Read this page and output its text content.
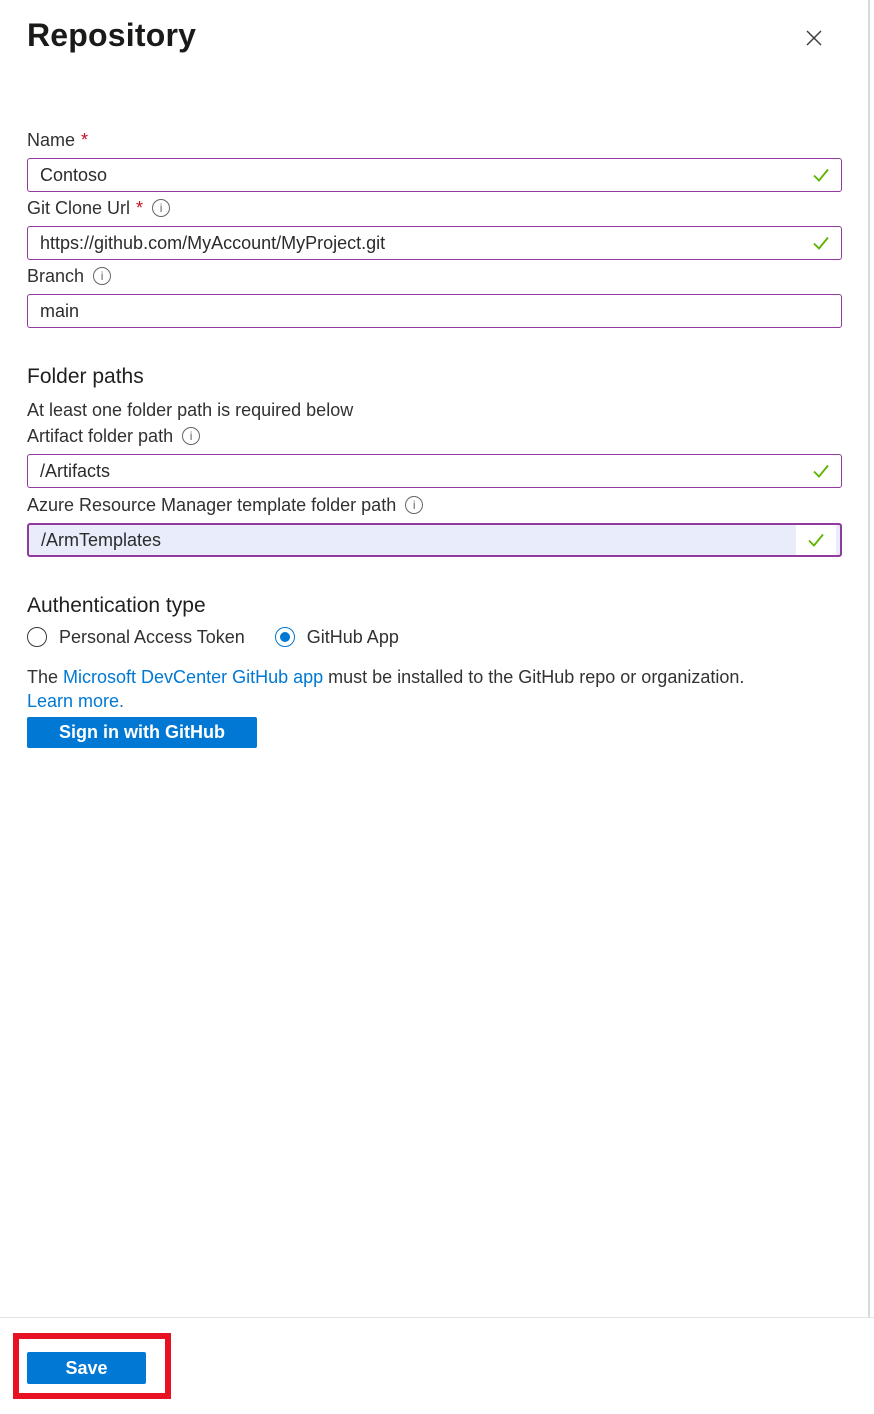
Repository
Name *
Contoso
Git Clone Url *	i
https://github.com/MyAccount/MyProject.git
Branch	i
main
Folder paths
At least one folder path is required below
Artifact folder path	i
/Artifacts
Azure Resource Manager template folder path	i
/ArmTemplates
Authentication type
Personal Access Token	GitHub App
The Microsoft DevCenter GitHub app must be installed to the GitHub repo or organization.
Learn more.
Sign in with GitHub
Save
